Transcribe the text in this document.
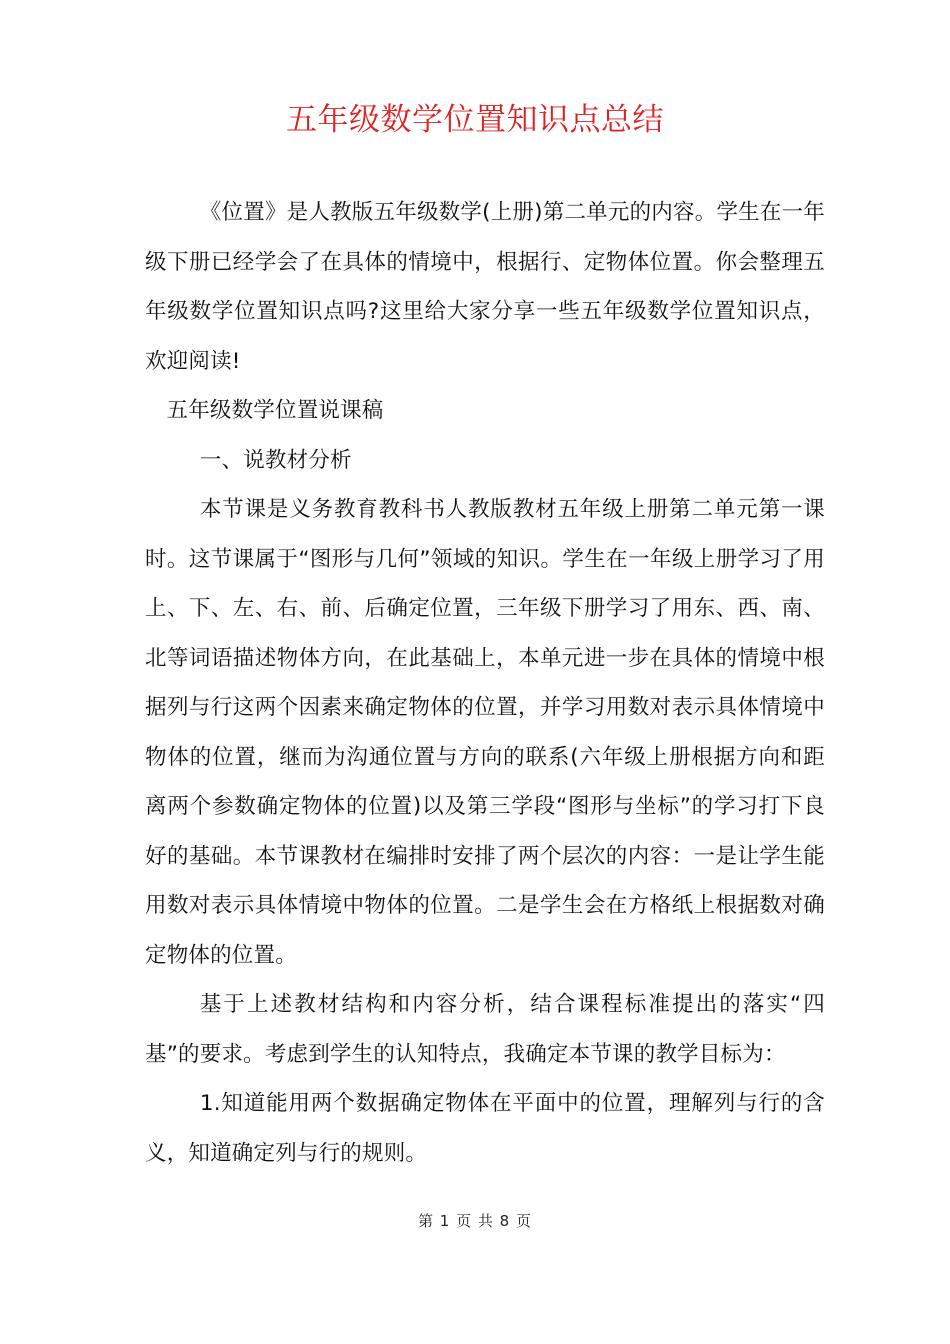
五年级数学位置知识点总结

《位置》是人教版五年级数学(上册)第二单元的内容。学生在一年级下册已经学会了在具体的情境中，根据行、定物体位置。你会整理五年级数学位置知识点吗?这里给大家分享一些五年级数学位置知识点，欢迎阅读!

五年级数学位置说课稿

一、说教材分析

本节课是义务教育教科书人教版教材五年级上册第二单元第一课时。这节课属于“图形与几何”领域的知识。学生在一年级上册学习了用上、下、左、右、前、后确定位置，三年级下册学习了用东、西、南、北等词语描述物体方向，在此基础上，本单元进一步在具体的情境中根据列与行这两个因素来确定物体的位置，并学习用数对表示具体情境中物体的位置，继而为沟通位置与方向的联系(六年级上册根据方向和距离两个参数确定物体的位置)以及第三学段“图形与坐标”的学习打下良好的基础。本节课教材在编排时安排了两个层次的内容：一是让学生能用数对表示具体情境中物体的位置。二是学生会在方格纸上根据数对确定物体的位置。

基于上述教材结构和内容分析，结合课程标准提出的落实“四基”的要求。考虑到学生的认知特点，我确定本节课的教学目标为：

1.知道能用两个数据确定物体在平面中的位置，理解列与行的含义，知道确定列与行的规则。

第 1 页 共 8 页
